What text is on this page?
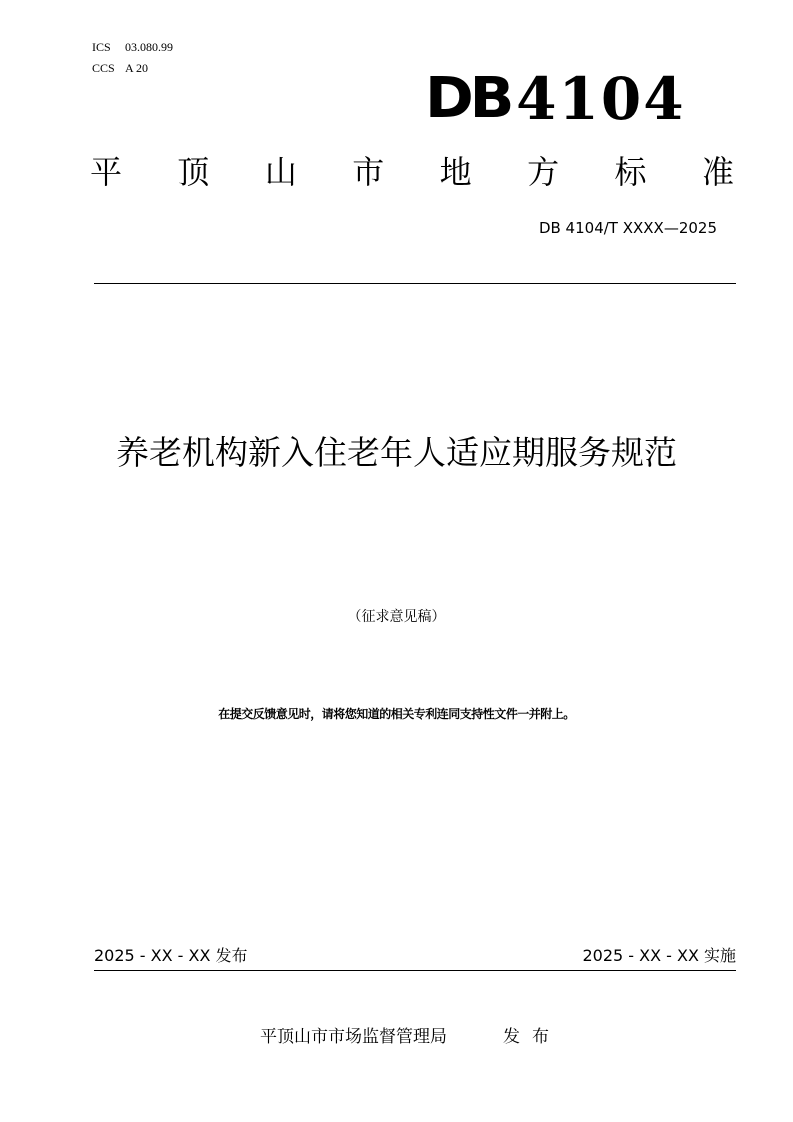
ICS 03.080.99
CCS A 20	DB 4104
平 顶 山 市 地 方 标 准
DB 4104/T XXXX—2025
养老机构新入住老年人适应期服务规范
（征求意见稿）
在提交反馈意见时，请将您知道的相关专利连同支持性文件一并附上。
2025 - XX - XX 发布	2025 - XX - XX 实施
平顶山市市场监督管理局	发布
